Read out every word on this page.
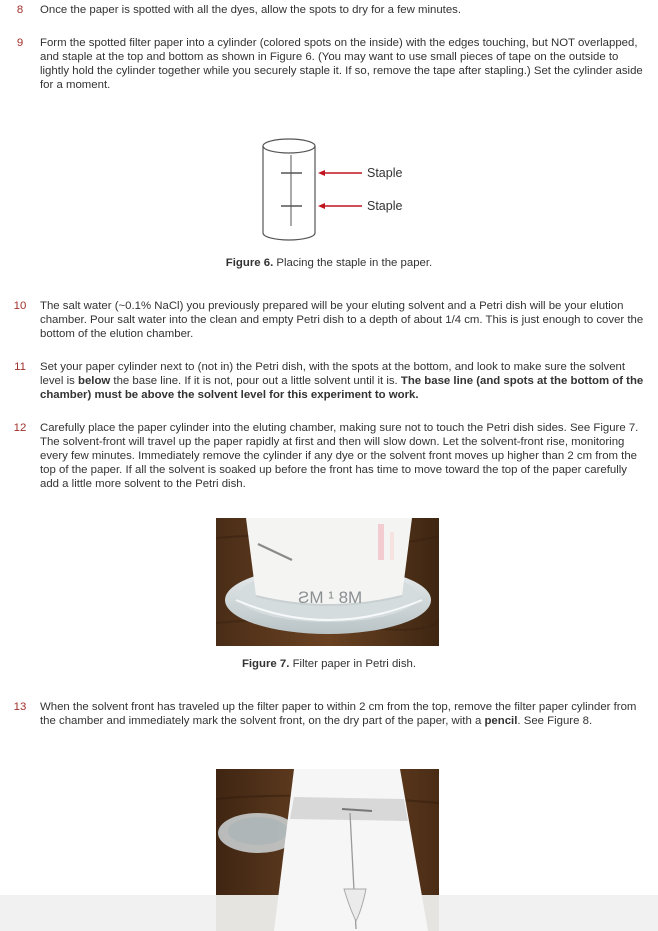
8	Once the paper is spotted with all the dyes, allow the spots to dry for a few minutes.
9	Form the spotted filter paper into a cylinder (colored spots on the inside) with the edges touching, but NOT overlapped, and staple at the top and bottom as shown in Figure 6. (You may want to use small pieces of tape on the outside to lightly hold the cylinder together while you securely staple it. If so, remove the tape after stapling.) Set the cylinder aside for a moment.
Staple
Staple
Figure 6. Placing the staple in the paper.
10	The salt water (~0.1% NaCl) you previously prepared will be your eluting solvent and a Petri dish will be your elution chamber. Pour salt water into the clean and empty Petri dish to a depth of about 1/4 cm. This is just enough to cover the bottom of the elution chamber.
11	Set your paper cylinder next to (not in) the Petri dish, with the spots at the bottom, and look to make sure the solvent level is below the base line. If it is not, pour out a little solvent until it is. The base line (and spots at the bottom of the chamber) must be above the solvent level for this experiment to work.
12	Carefully place the paper cylinder into the eluting chamber, making sure not to touch the Petri dish sides. See Figure 7. The solvent-front will travel up the paper rapidly at first and then will slow down. Let the solvent-front rise, monitoring every few minutes. Immediately remove the cylinder if any dye or the solvent front moves up higher than 2 cm from the top of the paper. If all the solvent is soaked up before the front has time to move toward the top of the paper carefully add a little more solvent to the Petri dish.
ƧM ¹ 8M
Figure 7. Filter paper in Petri dish.
13	When the solvent front has traveled up the filter paper to within 2 cm from the top, remove the filter paper cylinder from the chamber and immediately mark the solvent front, on the dry part of the paper, with a pencil. See Figure 8.
